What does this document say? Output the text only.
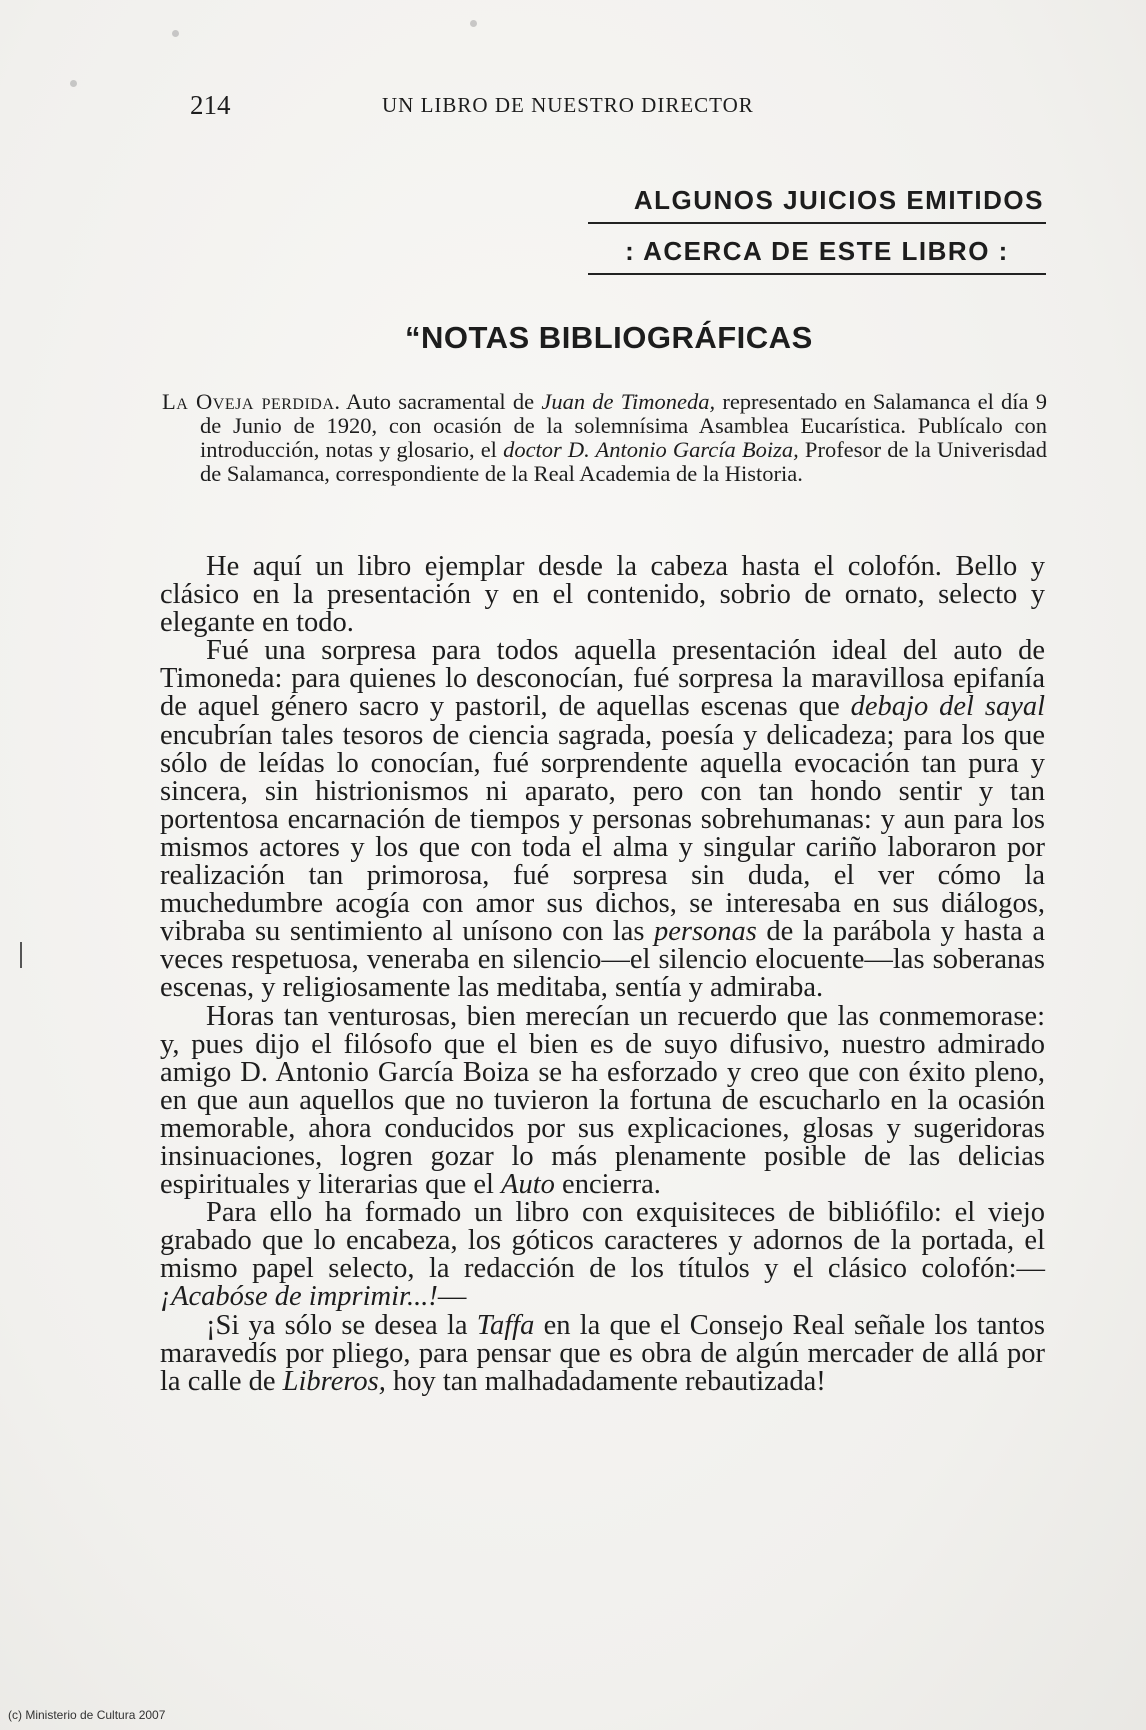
214	UN LIBRO DE NUESTRO DIRECTOR
ALGUNOS JUICIOS EMITIDOS
: ACERCA DE ESTE LIBRO :
“NOTAS BIBLIOGRÁFICAS
La Oveja perdida. Auto sacramental de Juan de Timoneda, representado en Salamanca el día 9 de Junio de 1920, con ocasión de la solemnísima Asamblea Eucarística. Publícalo con introducción, notas y glosario, el doctor D. Antonio García Boiza, Profesor de la Univerisdad de Salamanca, correspondiente de la Real Academia de la Historia.

He aquí un libro ejemplar desde la cabeza hasta el colofón. Bello y clásico en la presentación y en el contenido, sobrio de ornato, selecto y elegante en todo.

Fué una sorpresa para todos aquella presentación ideal del auto de Timoneda: para quienes lo desconocían, fué sorpresa la maravillosa epifanía de aquel género sacro y pastoril, de aquellas escenas que debajo del sayal encubrían tales tesoros de ciencia sagrada, poesía y delicadeza; para los que sólo de leídas lo conocían, fué sorprendente aquella evocación tan pura y sincera, sin histrionismos ni aparato, pero con tan hondo sentir y tan portentosa encarnación de tiempos y personas sobrehumanas: y aun para los mismos actores y los que con toda el alma y singular cariño laboraron por realización tan primorosa, fué sorpresa sin duda, el ver cómo la muchedumbre acogía con amor sus dichos, se interesaba en sus diálogos, vibraba su sentimiento al unísono con las personas de la parábola y hasta a veces respetuosa, veneraba en silencio—el silencio elocuente—las soberanas escenas, y religiosamente las meditaba, sentía y admiraba.

Horas tan venturosas, bien merecían un recuerdo que las conmemorase: y, pues dijo el filósofo que el bien es de suyo difusivo, nuestro admirado amigo D. Antonio García Boiza se ha esforzado y creo que con éxito pleno, en que aun aquellos que no tuvieron la fortuna de escucharlo en la ocasión memorable, ahora conducidos por sus explicaciones, glosas y sugeridoras insinuaciones, logren gozar lo más plenamente posible de las delicias espirituales y literarias que el Auto encierra.

Para ello ha formado un libro con exquisiteces de bibliófilo: el viejo grabado que lo encabeza, los góticos caracteres y adornos de la portada, el mismo papel selecto, la redacción de los títulos y el clásico colofón:—¡Acabóse de imprimir...!—

¡Si ya sólo se desea la Taffa en la que el Consejo Real señale los tantos maravedís por pliego, para pensar que es obra de algún mercader de allá por la calle de Libreros, hoy tan malhadadamente rebautizada!

(c) Ministerio de Cultura 2007
